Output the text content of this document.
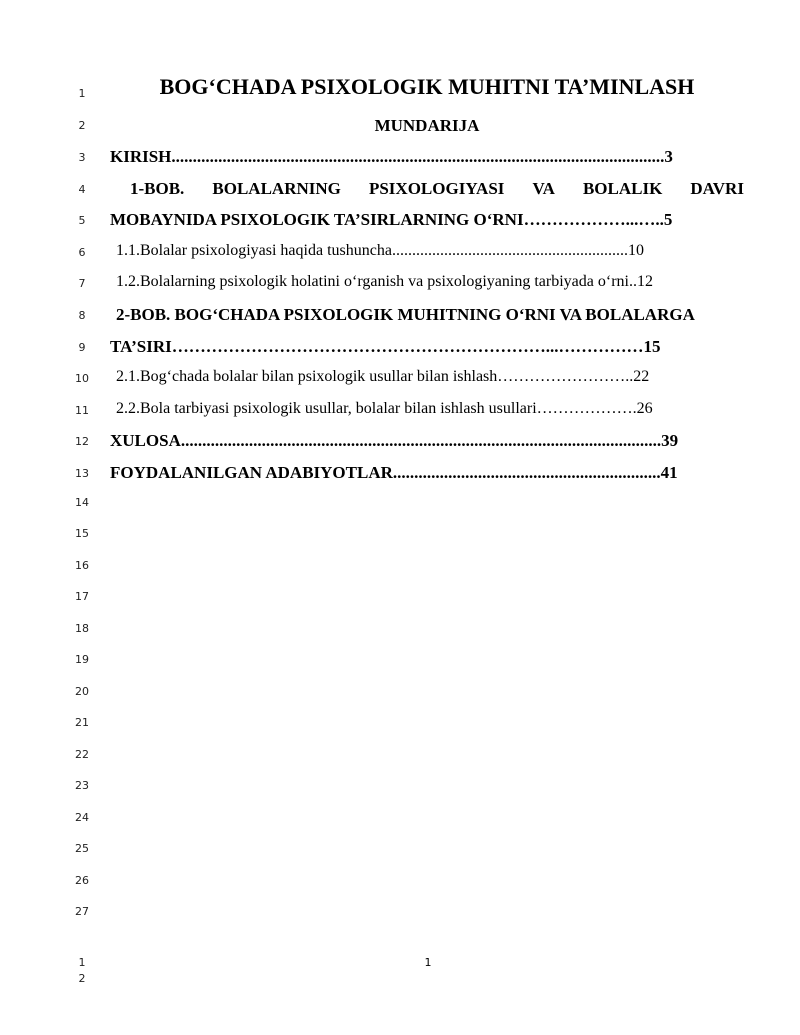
1
2
3
4
5
6
7
8
9
10
11
12
13
14
15
16
17
18
19
20
21
22
23
24
25
26
27
BOG‘CHADA PSIXOLOGIK MUHITNI TA’MINLASH
MUNDARIJA
KIRISH....................................................................................................................3
1-BOB. BOLALARNING PSIXOLOGIYASI VA BOLALIK DAVRI
MOBAYNIDA PSIXOLOGIK TA’SIRLARNING O‘RNI………………...…..5
1.1.Bolalar psixologiyasi haqida tushuncha...........................................................10
1.2.Bolalarning psixologik holatini o‘rganish va psixologiyaning tarbiyada o‘rni..12
2-BOB. BOG‘CHADA PSIXOLOGIK MUHITNING O‘RNI VA BOLALARGA
TA’SIRI…………………………………………………………...……………15
2.1.Bog‘chada bolalar bilan psixologik usullar bilan ishlash……………………..22
2.2.Bola tarbiyasi psixologik usullar, bolalar bilan ishlash usullari……………….26
XULOSA.................................................................................................................39
FOYDALANILGAN ADABIYOTLAR...............................................................41
1
2
1
